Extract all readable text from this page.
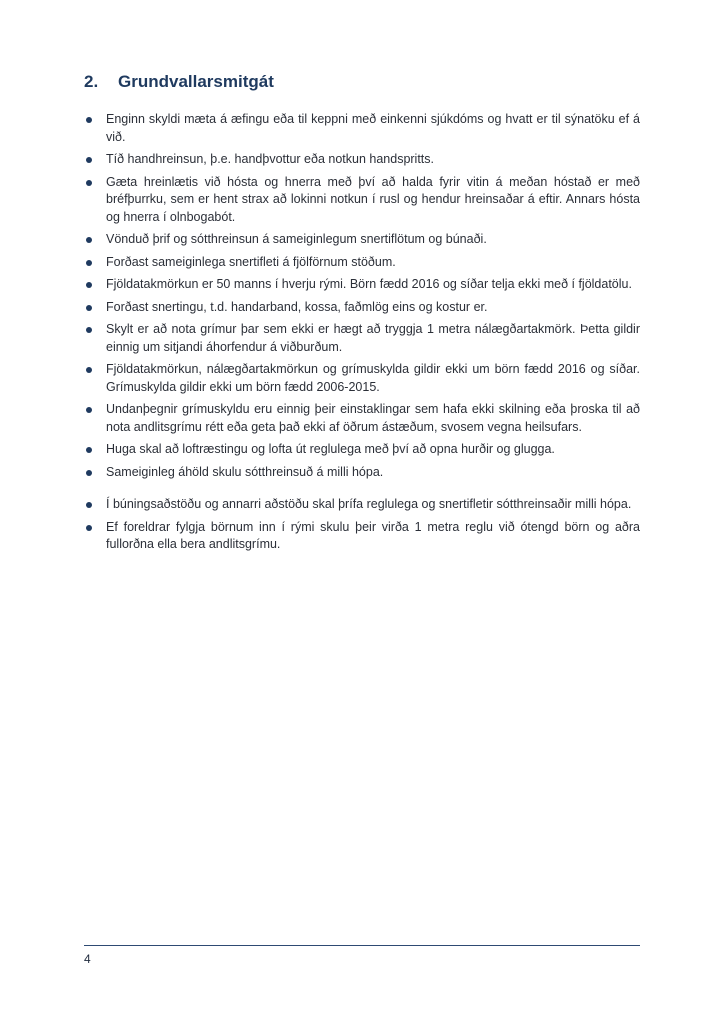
2.	Grundvallarsmitgát
Enginn skyldi mæta á æfingu eða til keppni með einkenni sjúkdóms og hvatt er til sýnatöku ef á við.
Tíð handhreinsun, þ.e. handþvottur eða notkun handspritts.
Gæta hreinlætis við hósta og hnerra með því að halda fyrir vitin á meðan hóstað er með bréfþurrku, sem er hent strax að lokinni notkun í rusl og hendur hreinsaðar á eftir. Annars hósta og hnerra í olnbogabót.
Vönduð þrif og sótthreinsun á sameiginlegum snertiflötum og búnaði.
Forðast sameiginlega snertifleti á fjölförnum stöðum.
Fjöldatakmörkun er 50 manns í hverju rými. Börn fædd 2016 og síðar telja ekki með í fjöldatölu.
Forðast snertingu, t.d. handarband, kossa, faðmlög eins og kostur er.
Skylt er að nota grímur þar sem ekki er hægt að tryggja 1 metra nálægðartakmörk. Þetta gildir einnig um sitjandi áhorfendur á viðburðum.
Fjöldatakmörkun, nálægðartakmörkun og grímuskylda gildir ekki um börn fædd 2016 og síðar. Grímuskylda gildir ekki um börn fædd 2006-2015.
Undanþegnir grímuskyldu eru einnig þeir einstaklingar sem hafa ekki skilning eða þroska til að nota andlitsgrímu rétt eða geta það ekki af öðrum ástæðum, svosem vegna heilsufars.
Huga skal að loftræstingu og lofta út reglulega með því að opna hurðir og glugga.
Sameiginleg áhöld skulu sótthreinsuð á milli hópa.
Í búningsaðstöðu og annarri aðstöðu skal þrífa reglulega og snertifletir sótthreinsaðir milli hópa.
Ef foreldrar fylgja börnum inn í rými skulu þeir virða 1 metra reglu við ótengd börn og aðra fullorðna ella bera andlitsgrímu.
4
